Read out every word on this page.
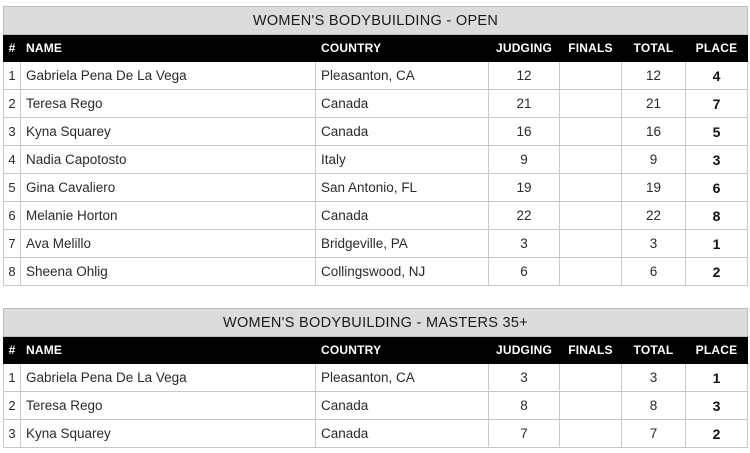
WOMEN'S BODYBUILDING - OPEN						
#	NAME	COUNTRY	JUDGING	FINALS	TOTAL	PLACE
1	Gabriela Pena De La Vega	Pleasanton, CA	12		12	4
2	Teresa Rego	Canada	21		21	7
3	Kyna Squarey	Canada	16		16	5
4	Nadia Capotosto	Italy	9		9	3
5	Gina Cavaliero	San Antonio, FL	19		19	6
6	Melanie Horton	Canada	22		22	8
7	Ava Melillo	Bridgeville, PA	3		3	1
8	Sheena Ohlig	Collingswood, NJ	6		6	2
WOMEN'S BODYBUILDING - MASTERS 35+						
#	NAME	COUNTRY	JUDGING	FINALS	TOTAL	PLACE
1	Gabriela Pena De La Vega	Pleasanton, CA	3		3	1
2	Teresa Rego	Canada	8		8	3
3	Kyna Squarey	Canada	7		7	2
